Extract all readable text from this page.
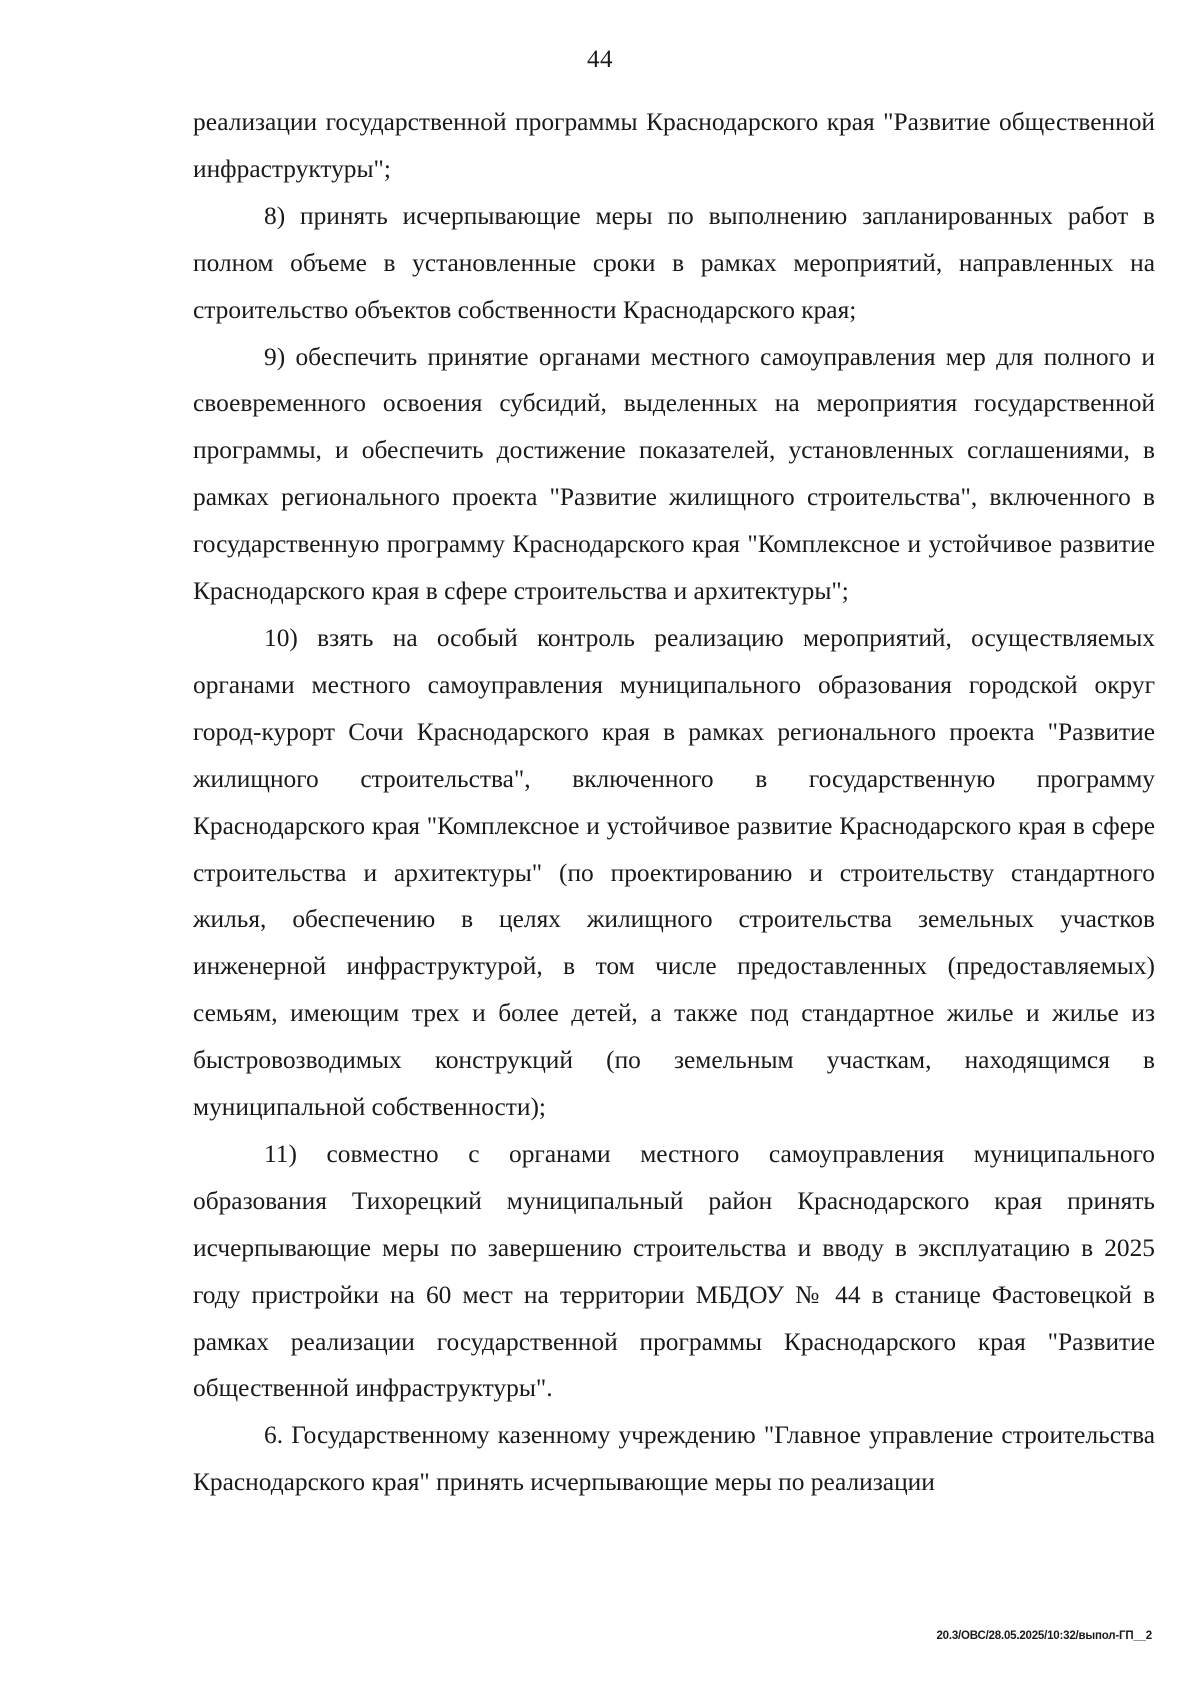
44

реализации государственной программы Краснодарского края "Развитие общественной инфраструктуры";

8) принять исчерпывающие меры по выполнению запланированных работ в полном объеме в установленные сроки в рамках мероприятий, направленных на строительство объектов собственности Краснодарского края;

9) обеспечить принятие органами местного самоуправления мер для полного и своевременного освоения субсидий, выделенных на мероприятия государственной программы, и обеспечить достижение показателей, установленных соглашениями, в рамках регионального проекта "Развитие жилищного строительства", включенного в государственную программу Краснодарского края "Комплексное и устойчивое развитие Краснодарского края в сфере строительства и архитектуры";

10) взять на особый контроль реализацию мероприятий, осуществляемых органами местного самоуправления муниципального образования городской округ город-курорт Сочи Краснодарского края в рамках регионального проекта "Развитие жилищного строительства", включенного в государственную программу Краснодарского края "Комплексное и устойчивое развитие Краснодарского края в сфере строительства и архитектуры" (по проектированию и строительству стандартного жилья, обеспечению в целях жилищного строительства земельных участков инженерной инфраструктурой, в том числе предоставленных (предоставляемых) семьям, имеющим трех и более детей, а также под стандартное жилье и жилье из быстровозводимых конструкций (по земельным участкам, находящимся в муниципальной собственности);

11) совместно с органами местного самоуправления муниципального образования Тихорецкий муниципальный район Краснодарского края принять исчерпывающие меры по завершению строительства и вводу в эксплуатацию в 2025 году пристройки на 60 мест на территории МБДОУ № 44 в станице Фастовецкой в рамках реализации государственной программы Краснодарского края "Развитие общественной инфраструктуры".

6. Государственному казенному учреждению "Главное управление строительства Краснодарского края" принять исчерпывающие меры по реализации

20.3/ОВС/28.05.2025/10:32/выпол-ГП__2
